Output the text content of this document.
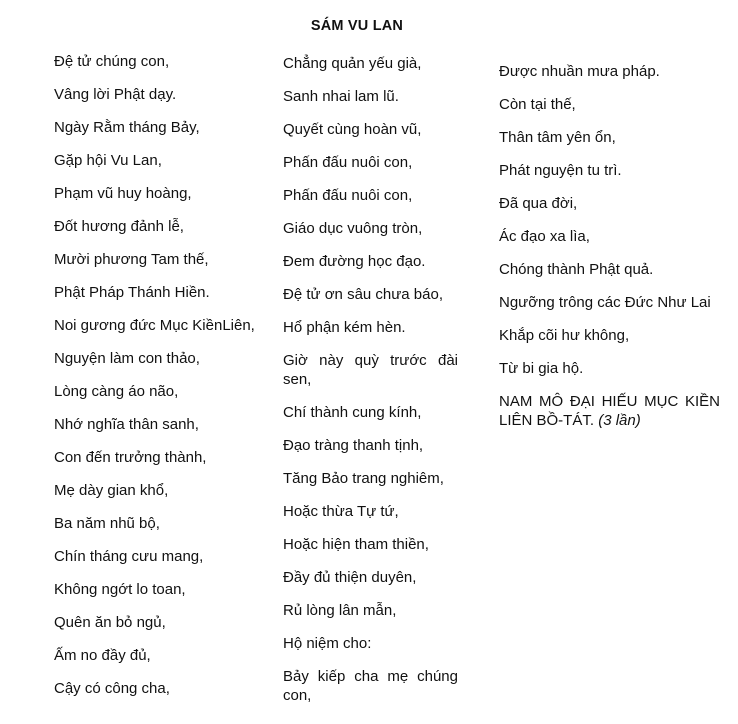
SÁM VU LAN
Đệ tử chúng con,
Vâng lời Phật dạy.
Ngày Rằm tháng Bảy,
Gặp hội Vu Lan,
Phạm vũ huy hoàng,
Đốt hương đảnh lễ,
Mười phương Tam thế,
Phật Pháp Thánh Hiền.
Noi gương đức Mục KiềnLiên,
Nguyện làm con thảo,
Lòng càng áo não,
Nhớ nghĩa thân sanh,
Con đến trưởng thành,
Mẹ dày gian khổ,
Ba năm nhũ bộ,
Chín tháng cưu mang,
Không ngớt lo toan,
Quên ăn bỏ ngủ,
Ấm no đầy đủ,
Cậy có công cha,
Chẳng quản yếu già,
Sanh nhai lam lũ.
Quyết cùng hoàn vũ,
Phấn đấu nuôi con,
Phấn đấu nuôi con,
Giáo dục vuông tròn,
Đem đường học đạo.
Đệ tử ơn sâu chưa báo,
Hổ phận kém hèn.
Giờ này quỳ trước đài sen,
Chí thành cung kính,
Đạo tràng thanh tịnh,
Tăng Bảo trang nghiêm,
Hoặc thừa Tự tứ,
Hoặc hiện tham thiền,
Đầy đủ thiện duyên,
Rủ lòng lân mẫn,
Hộ niệm cho:
Bảy kiếp cha mẹ chúng con,
Được nhuần mưa pháp.
Còn tại thế,
Thân tâm yên ổn,
Phát nguyện tu trì.
Đã qua đời,
Ác đạo xa lìa,
Chóng thành Phật quả.
Ngưỡng trông các Đức Như Lai
Khắp cõi hư không,
Từ bi gia hộ.
NAM MÔ ĐẠI HIẾU MỤC KIỀN LIÊN BỒ-TÁT. (3 lần)
